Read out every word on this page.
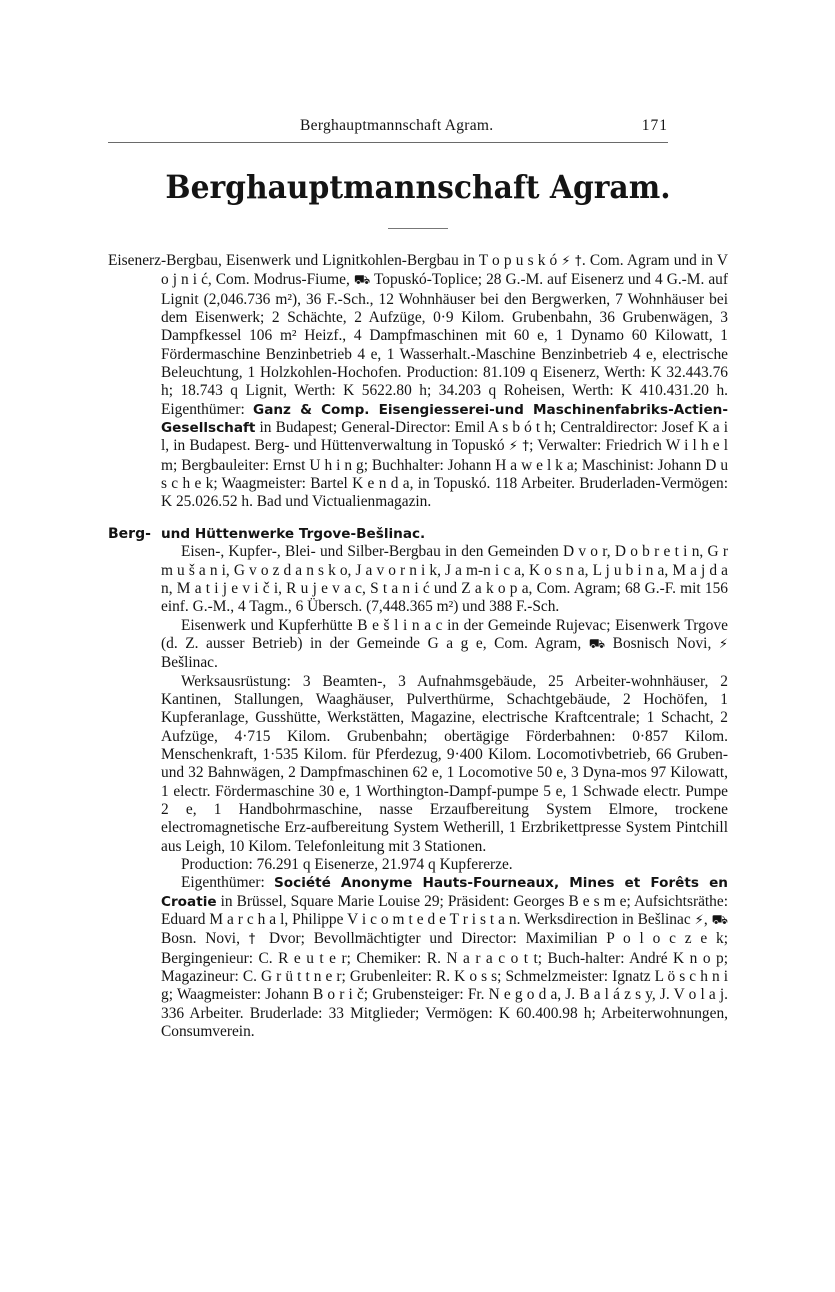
Berghauptmannschaft Agram.	171
Berghauptmannschaft Agram.

Eisenerz-Bergbau, Eisenwerk und Lignitkohlen-Bergbau in T o p u s k ó ⚡ †. Com. Agram und in V o j n i ć, Com. Modrus-Fiume, ⛟ Topuskó-Toplice; 28 G.-M. auf Eisenerz und 4 G.-M. auf Lignit (2,046.736 m²), 36 F.-Sch., 12 Wohnhäuser bei den Bergwerken, 7 Wohnhäuser bei dem Eisenwerk; 2 Schächte, 2 Aufzüge, 0·9 Kilom. Grubenbahn, 36 Grubenwägen, 3 Dampfkessel 106 m² Heizf., 4 Dampfmaschinen mit 60 e, 1 Dynamo 60 Kilowatt, 1 Fördermaschine Benzinbetrieb 4 e, 1 Wasserhalt.-Maschine Benzinbetrieb 4 e, electrische Beleuchtung, 1 Holzkohlen-Hochofen. Production: 81.109 q Eisenerz, Werth: K 32.443.76 h; 18.743 q Lignit, Werth: K 5622.80 h; 34.203 q Roheisen, Werth: K 410.431.20 h. Eigenthümer: Ganz & Comp. Eisengiesserei-und Maschinenfabriks-Actien-Gesellschaft in Budapest; General-Director: Emil A s b ó t h; Centraldirector: Josef K a i l, in Budapest. Berg- und Hüttenverwaltung in Topuskó ⚡ †; Verwalter: Friedrich W i l h e l m; Bergbauleiter: Ernst U h i n g; Buchhalter: Johann H a w e l k a; Maschinist: Johann D u s c h e k; Waagmeister: Bartel K e n d a, in Topuskó. 118 Arbeiter. Bruderladen-Vermögen: K 25.026.52 h. Bad und Victualienmagazin.

Berg- und Hüttenwerke Trgove-Bešlinac.

Eisen-, Kupfer-, Blei- und Silber-Bergbau in den Gemeinden D v o r, D o b r e t i n, G r m u š a n i, G v o z d a n s k o, J a v o r n i k, J a m-n i c a, K o s n a, L j u b i n a, M a j d a n, M a t i j e v i č i, R u j e v a c, S t a n i ć und Z a k o p a, Com. Agram; 68 G.-F. mit 156 einf. G.-M., 4 Tagm., 6 Übersch. (7,448.365 m²) und 388 F.-Sch.

Eisenwerk und Kupferhütte B e š l i n a c in der Gemeinde Rujevac; Eisenwerk Trgove (d. Z. ausser Betrieb) in der Gemeinde G a g e, Com. Agram, ⛟ Bosnisch Novi, ⚡ Bešlinac.

Werksausrüstung: 3 Beamten-, 3 Aufnahmsgebäude, 25 Arbeiter-wohnhäuser, 2 Kantinen, Stallungen, Waaghäuser, Pulverthürme, Schachtgebäude, 2 Hochöfen, 1 Kupferanlage, Gusshütte, Werkstätten, Magazine, electrische Kraftcentrale; 1 Schacht, 2 Aufzüge, 4·715 Kilom. Grubenbahn; obertägige Förderbahnen: 0·857 Kilom. Menschenkraft, 1·535 Kilom. für Pferdezug, 9·400 Kilom. Locomotivbetrieb, 66 Gruben-und 32 Bahnwägen, 2 Dampfmaschinen 62 e, 1 Locomotive 50 e, 3 Dyna-mos 97 Kilowatt, 1 electr. Fördermaschine 30 e, 1 Worthington-Dampf-pumpe 5 e, 1 Schwade electr. Pumpe 2 e, 1 Handbohrmaschine, nasse Erzaufbereitung System Elmore, trockene electromagnetische Erz-aufbereitung System Wetherill, 1 Erzbrikettpresse System Pintchill aus Leigh, 10 Kilom. Telefonleitung mit 3 Stationen.

Production: 76.291 q Eisenerze, 21.974 q Kupfererze.

Eigenthümer: Société Anonyme Hauts-Fourneaux, Mines et Forêts en Croatie in Brüssel, Square Marie Louise 29; Präsident: Georges B e s m e; Aufsichtsräthe: Eduard M a r c h a l, Philippe V i c o m t e d e T r i s t a n. Werksdirection in Bešlinac ⚡, ⛟ Bosn. Novi, † Dvor; Bevollmächtigter und Director: Maximilian P o l o c z e k; Bergingenieur: C. R e u t e r; Chemiker: R. N a r a c o t t; Buch-halter: André K n o p; Magazineur: C. G r ü t t n e r; Grubenleiter: R. K o s s; Schmelzmeister: Ignatz L ö s c h n i g; Waagmeister: Johann B o r i č; Grubensteiger: Fr. N e g o d a, J. B a l á z s y, J. V o l a j. 336 Arbeiter. Bruderlade: 33 Mitglieder; Vermögen: K 60.400.98 h; Arbeiterwohnungen, Consumverein.
